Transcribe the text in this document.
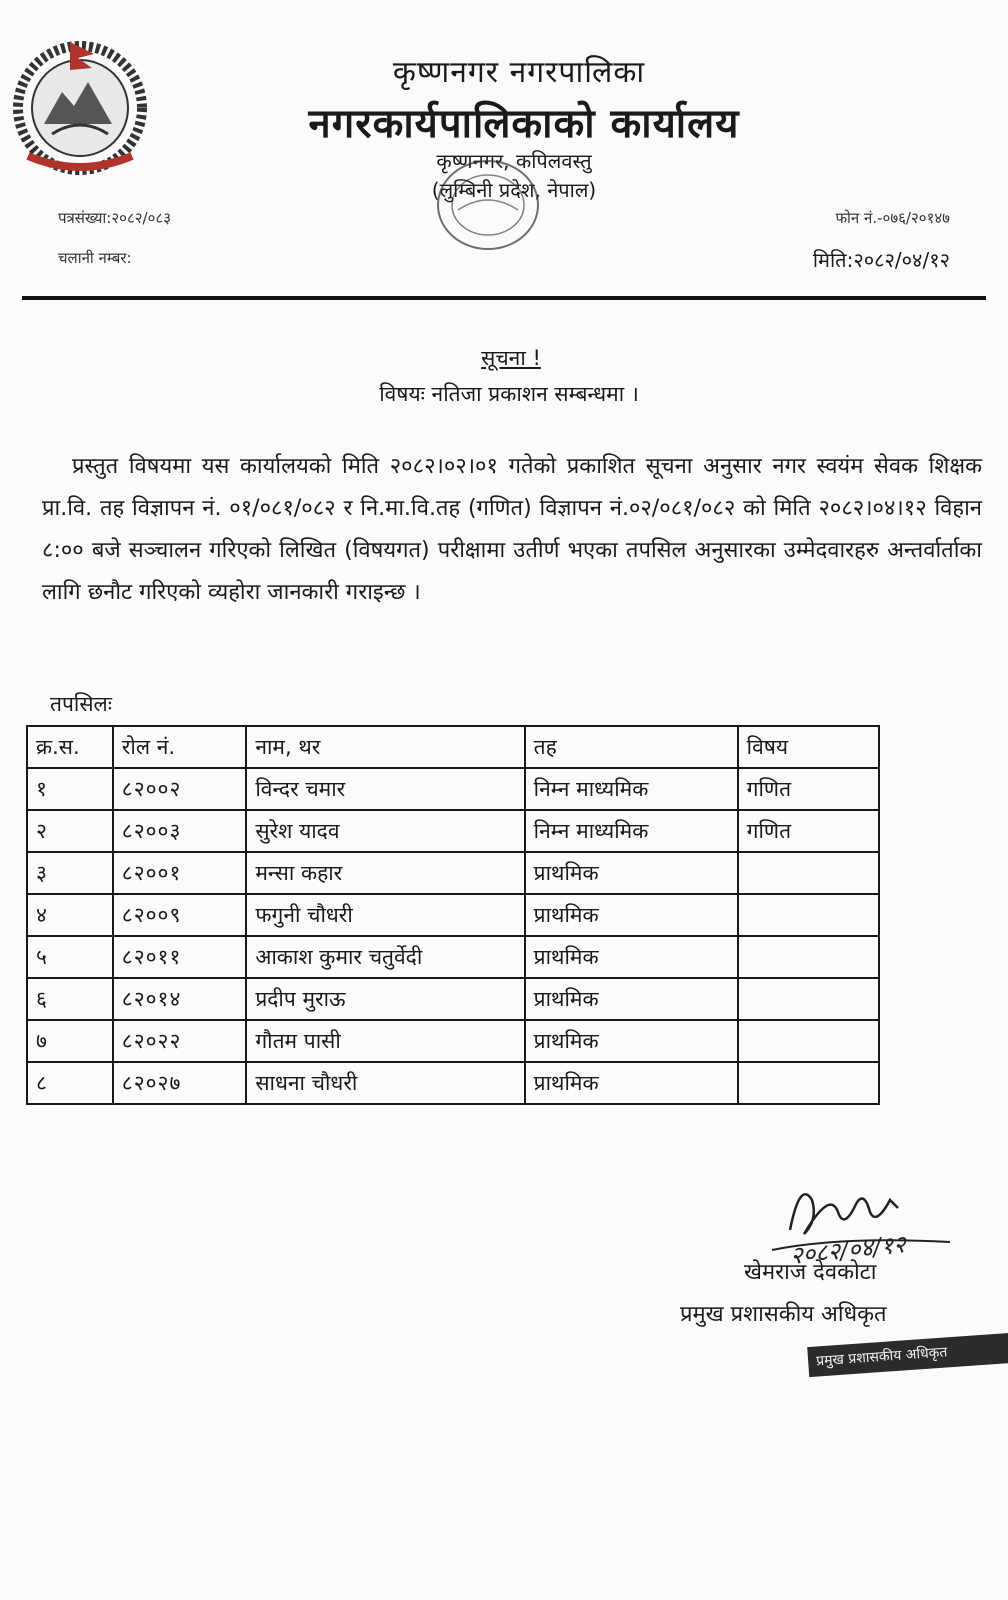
कृष्णनगर नगरपालिका
नगरकार्यपालिकाको कार्यालय
कृष्णनगर, कपिलवस्तु
(लुम्बिनी प्रदेश, नेपाल)
पत्रसंख्या:२०८२/०८३
चलानी नम्बर:
फोन नं.-०७६/२०१४७
मिति:२०८२/०४/१२
सूचना !
विषयः नतिजा प्रकाशन सम्बन्धमा ।
प्रस्तुत विषयमा यस कार्यालयको मिति २०८२।०२।०१ गतेको प्रकाशित सूचना अनुसार नगर स्वयंम सेवक शिक्षक प्रा.वि. तह विज्ञापन नं. ०१/०८१/०८२ र नि.मा.वि.तह (गणित) विज्ञापन नं.०२/०८१/०८२ को मिति २०८२।०४।१२ विहान ८:०० बजे सञ्चालन गरिएको लिखित (विषयगत) परीक्षामा उतीर्ण भएका तपसिल अनुसारका उम्मेदवारहरु अन्तर्वार्ताका लागि छनौट गरिएको व्यहोरा जानकारी गराइन्छ ।
तपसिलः
क्र.स.	रोल नं.	नाम, थर	तह	विषय
१	८२००२	विन्दर चमार	निम्न माध्यमिक	गणित
२	८२००३	सुरेश यादव	निम्न माध्यमिक	गणित
३	८२००१	मन्सा कहार	प्राथमिक	
४	८२००९	फगुनी चौधरी	प्राथमिक	
५	८२०११	आकाश कुमार चतुर्वेदी	प्राथमिक	
६	८२०१४	प्रदीप मुराऊ	प्राथमिक	
७	८२०२२	गौतम पासी	प्राथमिक	
८	८२०२७	साधना चौधरी	प्राथमिक	
२०८२/०४/१२
खेमराज देवकोटा
प्रमुख प्रशासकीय अधिकृत
प्रमुख प्रशासकीय अधिकृत
